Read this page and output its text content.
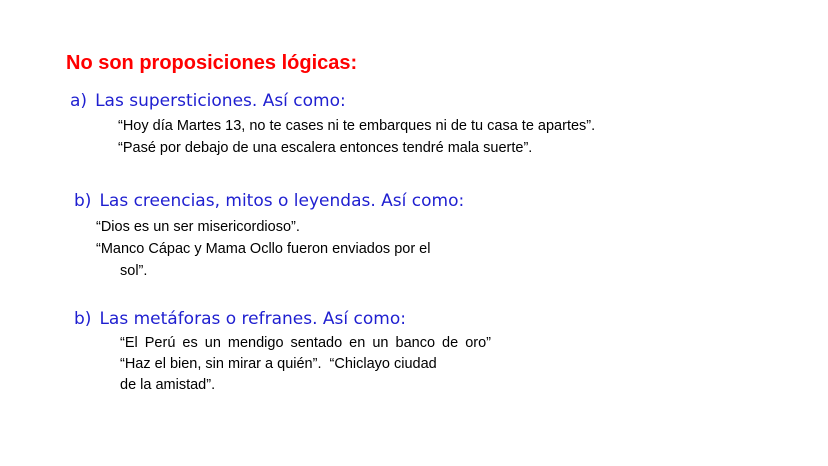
No son proposiciones lógicas:
a) Las supersticiones. Así como:
“Hoy día Martes 13, no te cases ni te embarques ni de tu casa te apartes”.
“Pasé por debajo de una escalera entonces tendré mala suerte”.
b) Las creencias, mitos o leyendas. Así como:
“Dios es un ser misericordioso”.
“Manco Cápac y Mama Ocllo fueron enviados por el
sol”.
b) Las metáforas o refranes. Así como:
“El Perú es un mendigo sentado en un banco de oro”
“Haz el bien, sin mirar a quién”.  “Chiclayo ciudad
de la amistad”.
